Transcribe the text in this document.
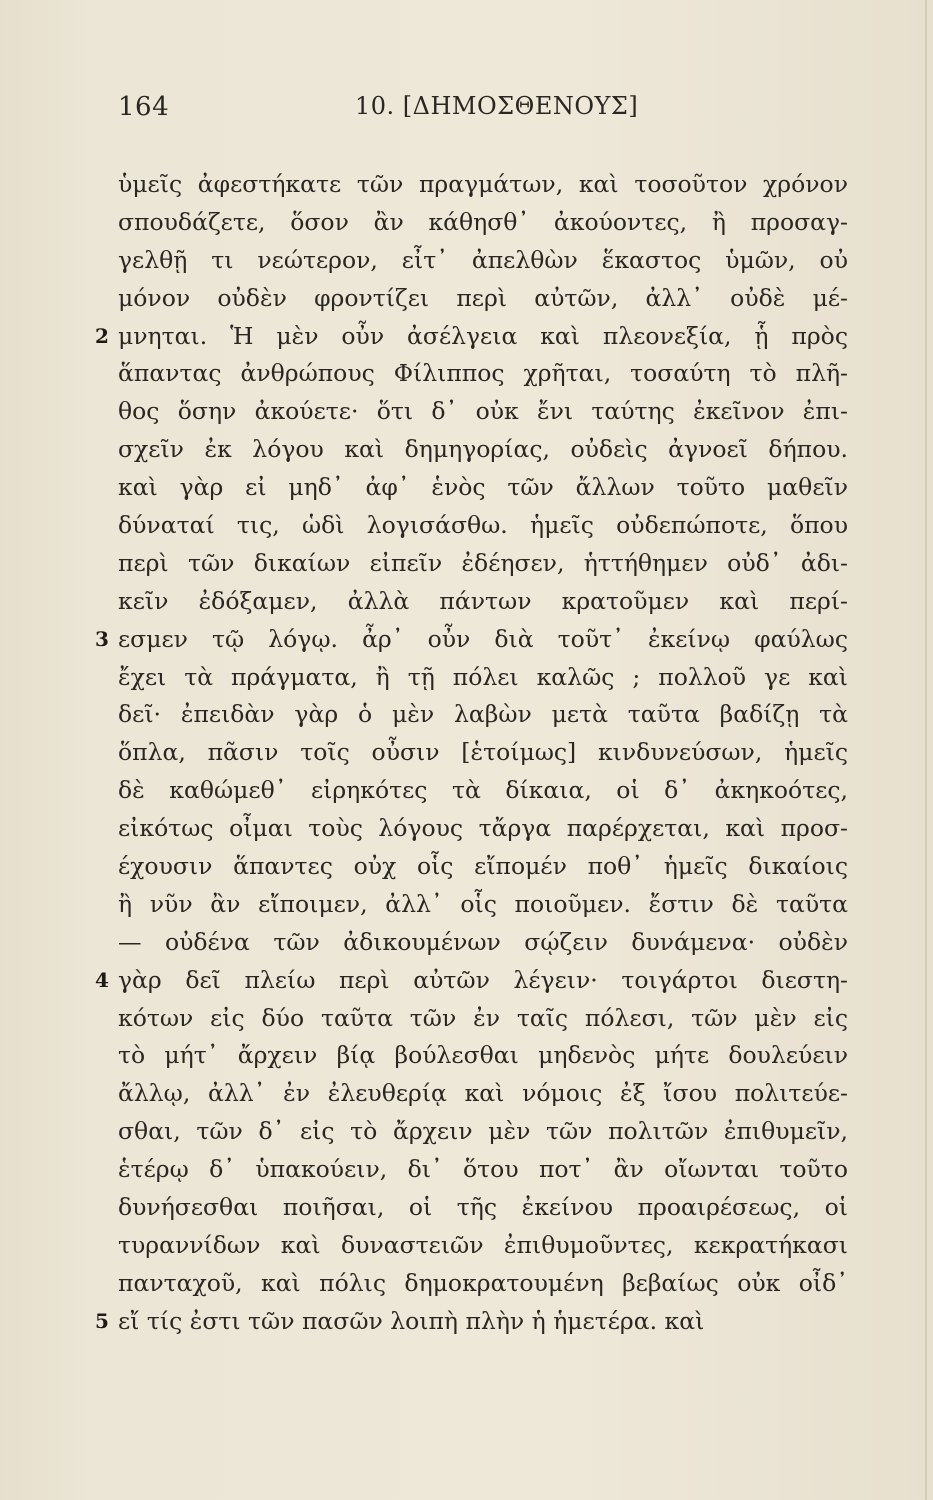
164	10. [ΔΗΜΟΣΘΕΝΟΥΣ]
ὑμεῖς ἀφεστήκατε τῶν πραγμάτων, καὶ τοσοῦτον χρόνον
σπουδάζετε, ὅσον ἂν κάθησθ᾽ ἀκούοντες, ἢ προσαγ-
γελθῇ τι νεώτερον, εἶτ᾽ ἀπελθὼν ἕκαστος ὑμῶν, οὐ
μόνον οὐδὲν φροντίζει περὶ αὐτῶν, ἀλλ᾽ οὐδὲ μέ-
2 μνηται. Ἡ μὲν οὖν ἀσέλγεια καὶ πλεονεξία, ᾗ πρὸς
ἅπαντας ἀνθρώπους Φίλιππος χρῆται, τοσαύτη τὸ πλῆ-
θος ὅσην ἀκούετε· ὅτι δ᾽ οὐκ ἔνι ταύτης ἐκεῖνον ἐπι-
σχεῖν ἐκ λόγου καὶ δημηγορίας, οὐδεὶς ἀγνοεῖ δήπου.
καὶ γὰρ εἰ μηδ᾽ ἀφ᾽ ἑνὸς τῶν ἄλλων τοῦτο μαθεῖν
δύναταί τις, ὡδὶ λογισάσθω. ἡμεῖς οὐδεπώποτε, ὅπου
περὶ τῶν δικαίων εἰπεῖν ἐδέησεν, ἡττήθημεν οὐδ᾽ ἀδι-
κεῖν ἐδόξαμεν, ἀλλὰ πάντων κρατοῦμεν καὶ περί-
3 εσμεν τῷ λόγῳ. ἆρ᾽ οὖν διὰ τοῦτ᾽ ἐκείνῳ φαύλως
ἔχει τὰ πράγματα, ἢ τῇ πόλει καλῶς ; πολλοῦ γε καὶ
δεῖ· ἐπειδὰν γὰρ ὁ μὲν λαβὼν μετὰ ταῦτα βαδίζῃ τὰ
ὅπλα, πᾶσιν τοῖς οὖσιν [ἑτοίμως] κινδυνεύσων, ἡμεῖς
δὲ καθώμεθ᾽ εἰρηκότες τὰ δίκαια, οἱ δ᾽ ἀκηκοότες,
εἰκότως οἶμαι τοὺς λόγους τἄργα παρέρχεται, καὶ προσ-
έχουσιν ἅπαντες οὐχ οἷς εἴπομέν ποθ᾽ ἡμεῖς δικαίοις
ἢ νῦν ἂν εἴποιμεν, ἀλλ᾽ οἷς ποιοῦμεν. ἔστιν δὲ ταῦτα
— οὐδένα τῶν ἀδικουμένων σῴζειν δυνάμενα· οὐδὲν
4 γὰρ δεῖ πλείω περὶ αὐτῶν λέγειν· τοιγάρτοι διεστη-
κότων εἰς δύο ταῦτα τῶν ἐν ταῖς πόλεσι, τῶν μὲν εἰς
τὸ μήτ᾽ ἄρχειν βίᾳ βούλεσθαι μηδενὸς μήτε δουλεύειν
ἄλλῳ, ἀλλ᾽ ἐν ἐλευθερίᾳ καὶ νόμοις ἐξ ἴσου πολιτεύε-
σθαι, τῶν δ᾽ εἰς τὸ ἄρχειν μὲν τῶν πολιτῶν ἐπιθυμεῖν,
ἑτέρῳ δ᾽ ὑπακούειν, δι᾽ ὅτου ποτ᾽ ἂν οἴωνται τοῦτο
δυνήσεσθαι ποιῆσαι, οἱ τῆς ἐκείνου προαιρέσεως, οἱ
τυραννίδων καὶ δυναστειῶν ἐπιθυμοῦντες, κεκρατήκασι
πανταχοῦ, καὶ πόλις δημοκρατουμένη βεβαίως οὐκ οἶδ᾽
5 εἴ τίς ἐστι τῶν πασῶν λοιπὴ πλὴν ἡ ἡμετέρα. καὶ
